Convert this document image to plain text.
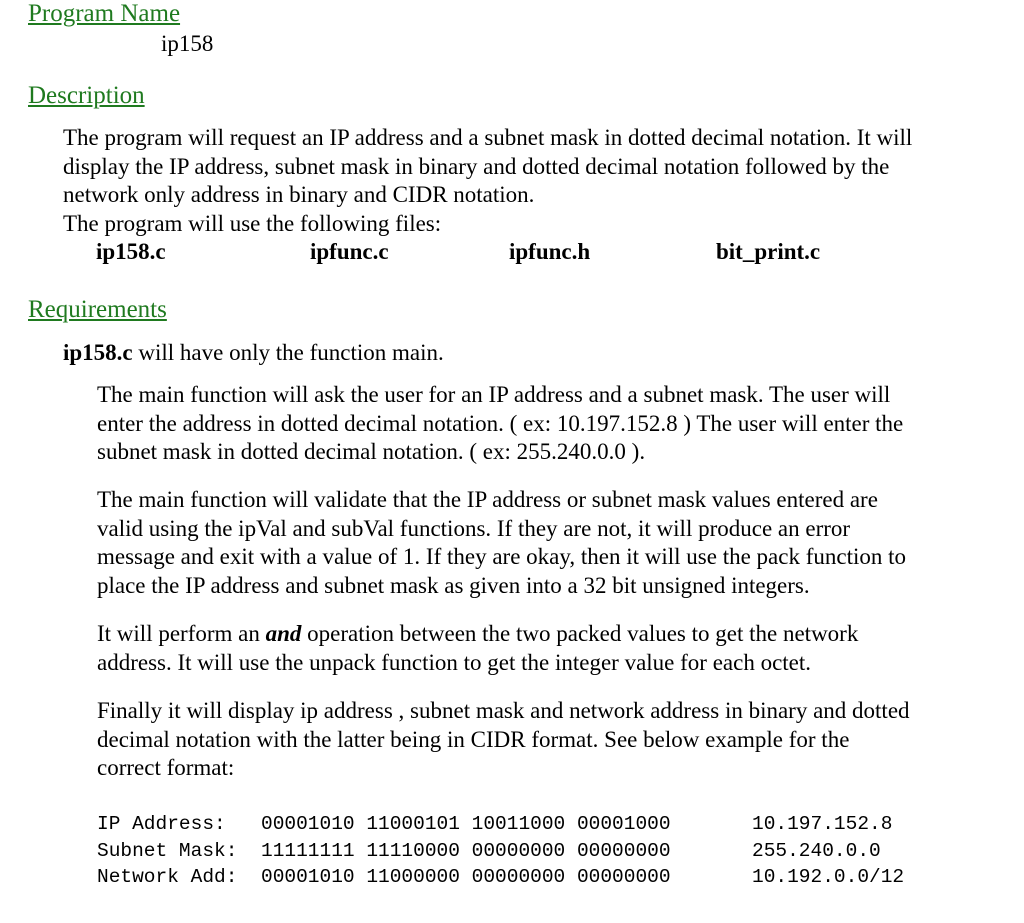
Program Name
ip158
Description
The program will request an IP address and a subnet mask in dotted decimal notation. It will
display the IP address, subnet mask in binary and dotted decimal notation followed by the
network only address in binary and CIDR notation.
The program will use the following files:
ip158.c	ipfunc.c	ipfunc.h	bit_print.c
Requirements
ip158.c will have only the function main.
The main function will ask the user for an IP address and a subnet mask. The user will
enter the address in dotted decimal notation. ( ex: 10.197.152.8 ) The user will enter the
subnet mask in dotted decimal notation. ( ex: 255.240.0.0 ).
The main function will validate that the IP address or subnet mask values entered are
valid using the ipVal and subVal functions. If they are not, it will produce an error
message and exit with a value of 1. If they are okay, then it will use the pack function to
place the IP address and subnet mask as given into a 32 bit unsigned integers.
It will perform an and operation between the two packed values to get the network
address. It will use the unpack function to get the integer value for each octet.
Finally it will display ip address , subnet mask and network address in binary and dotted
decimal notation with the latter being in CIDR format. See below example for the
correct format:
IP Address: 00001010 11000101 10011000 00001000	10.197.152.8
Subnet Mask: 11111111 11110000 00000000 00000000	255.240.0.0
Network Add: 00001010 11000000 00000000 00000000	10.192.0.0/12
